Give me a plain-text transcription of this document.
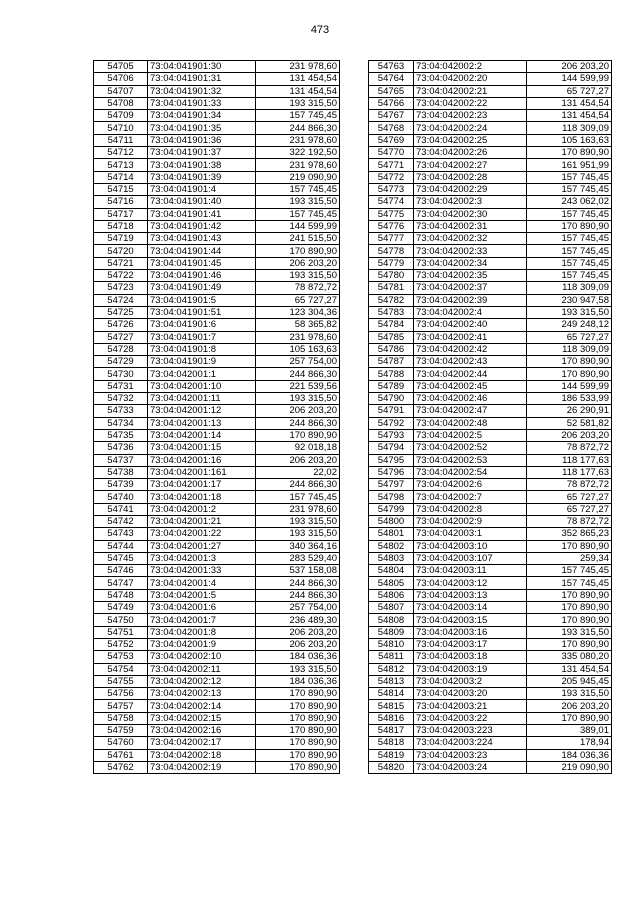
473
54705	73:04:041901:30	231 978,60
54706	73:04:041901:31	131 454,54
54707	73:04:041901:32	131 454,54
54708	73:04:041901:33	193 315,50
54709	73:04:041901:34	157 745,45
54710	73:04:041901:35	244 866,30
54711	73:04:041901:36	231 978,60
54712	73:04:041901:37	322 192,50
54713	73:04:041901:38	231 978,60
54714	73:04:041901:39	219 090,90
54715	73:04:041901:4	157 745,45
54716	73:04:041901:40	193 315,50
54717	73:04:041901:41	157 745,45
54718	73:04:041901:42	144 599,99
54719	73:04:041901:43	241 515,50
54720	73:04:041901:44	170 890,90
54721	73:04:041901:45	206 203,20
54722	73:04:041901:46	193 315,50
54723	73:04:041901:49	78 872,72
54724	73:04:041901:5	65 727,27
54725	73:04:041901:51	123 304,36
54726	73:04:041901:6	58 365,82
54727	73:04:041901:7	231 978,60
54728	73:04:041901:8	105 163,63
54729	73:04:041901:9	257 754,00
54730	73:04:042001:1	244 866,30
54731	73:04:042001:10	221 539,56
54732	73:04:042001:11	193 315,50
54733	73:04:042001:12	206 203,20
54734	73:04:042001:13	244 866,30
54735	73:04:042001:14	170 890,90
54736	73:04:042001:15	92 018,18
54737	73:04:042001:16	206 203,20
54738	73:04:042001:161	22,02
54739	73:04:042001:17	244 866,30
54740	73:04:042001:18	157 745,45
54741	73:04:042001:2	231 978,60
54742	73:04:042001:21	193 315,50
54743	73:04:042001:22	193 315,50
54744	73:04:042001:27	340 364,16
54745	73:04:042001:3	283 529,40
54746	73:04:042001:33	537 158,08
54747	73:04:042001:4	244 866,30
54748	73:04:042001:5	244 866,30
54749	73:04:042001:6	257 754,00
54750	73:04:042001:7	236 489,30
54751	73:04:042001:8	206 203,20
54752	73:04:042001:9	206 203,20
54753	73:04:042002:10	184 036,36
54754	73:04:042002:11	193 315,50
54755	73:04:042002:12	184 036,36
54756	73:04:042002:13	170 890,90
54757	73:04:042002:14	170 890,90
54758	73:04:042002:15	170 890,90
54759	73:04:042002:16	170 890,90
54760	73:04:042002:17	170 890,90
54761	73:04:042002:18	170 890,90
54762	73:04:042002:19	170 890,90
54763	73:04:042002:2	206 203,20
54764	73:04:042002:20	144 599,99
54765	73:04:042002:21	65 727,27
54766	73:04:042002:22	131 454,54
54767	73:04:042002:23	131 454,54
54768	73:04:042002:24	118 309,09
54769	73:04:042002:25	105 163,63
54770	73:04:042002:26	170 890,90
54771	73:04:042002:27	161 951,99
54772	73:04:042002:28	157 745,45
54773	73:04:042002:29	157 745,45
54774	73:04:042002:3	243 062,02
54775	73:04:042002:30	157 745,45
54776	73:04:042002:31	170 890,90
54777	73:04:042002:32	157 745,45
54778	73:04:042002:33	157 745,45
54779	73:04:042002:34	157 745,45
54780	73:04:042002:35	157 745,45
54781	73:04:042002:37	118 309,09
54782	73:04:042002:39	230 947,58
54783	73:04:042002:4	193 315,50
54784	73:04:042002:40	249 248,12
54785	73:04:042002:41	65 727,27
54786	73:04:042002:42	118 309,09
54787	73:04:042002:43	170 890,90
54788	73:04:042002:44	170 890,90
54789	73:04:042002:45	144 599,99
54790	73:04:042002:46	186 533,99
54791	73:04:042002:47	26 290,91
54792	73:04:042002:48	52 581,82
54793	73:04:042002:5	206 203,20
54794	73:04:042002:52	78 872,72
54795	73:04:042002:53	118 177,63
54796	73:04:042002:54	118 177,63
54797	73:04:042002:6	78 872,72
54798	73:04:042002:7	65 727,27
54799	73:04:042002:8	65 727,27
54800	73:04:042002:9	78 872,72
54801	73:04:042003:1	352 865,23
54802	73:04:042003:10	170 890,90
54803	73:04:042003:107	259,34
54804	73:04:042003:11	157 745,45
54805	73:04:042003:12	157 745,45
54806	73:04:042003:13	170 890,90
54807	73:04:042003:14	170 890,90
54808	73:04:042003:15	170 890,90
54809	73:04:042003:16	193 315,50
54810	73:04:042003:17	170 890,90
54811	73:04:042003:18	335 080,20
54812	73:04:042003:19	131 454,54
54813	73:04:042003:2	205 945,45
54814	73:04:042003:20	193 315,50
54815	73:04:042003:21	206 203,20
54816	73:04:042003:22	170 890,90
54817	73:04:042003:223	389,01
54818	73:04:042003:224	178,94
54819	73:04:042003:23	184 036,36
54820	73:04:042003:24	219 090,90
